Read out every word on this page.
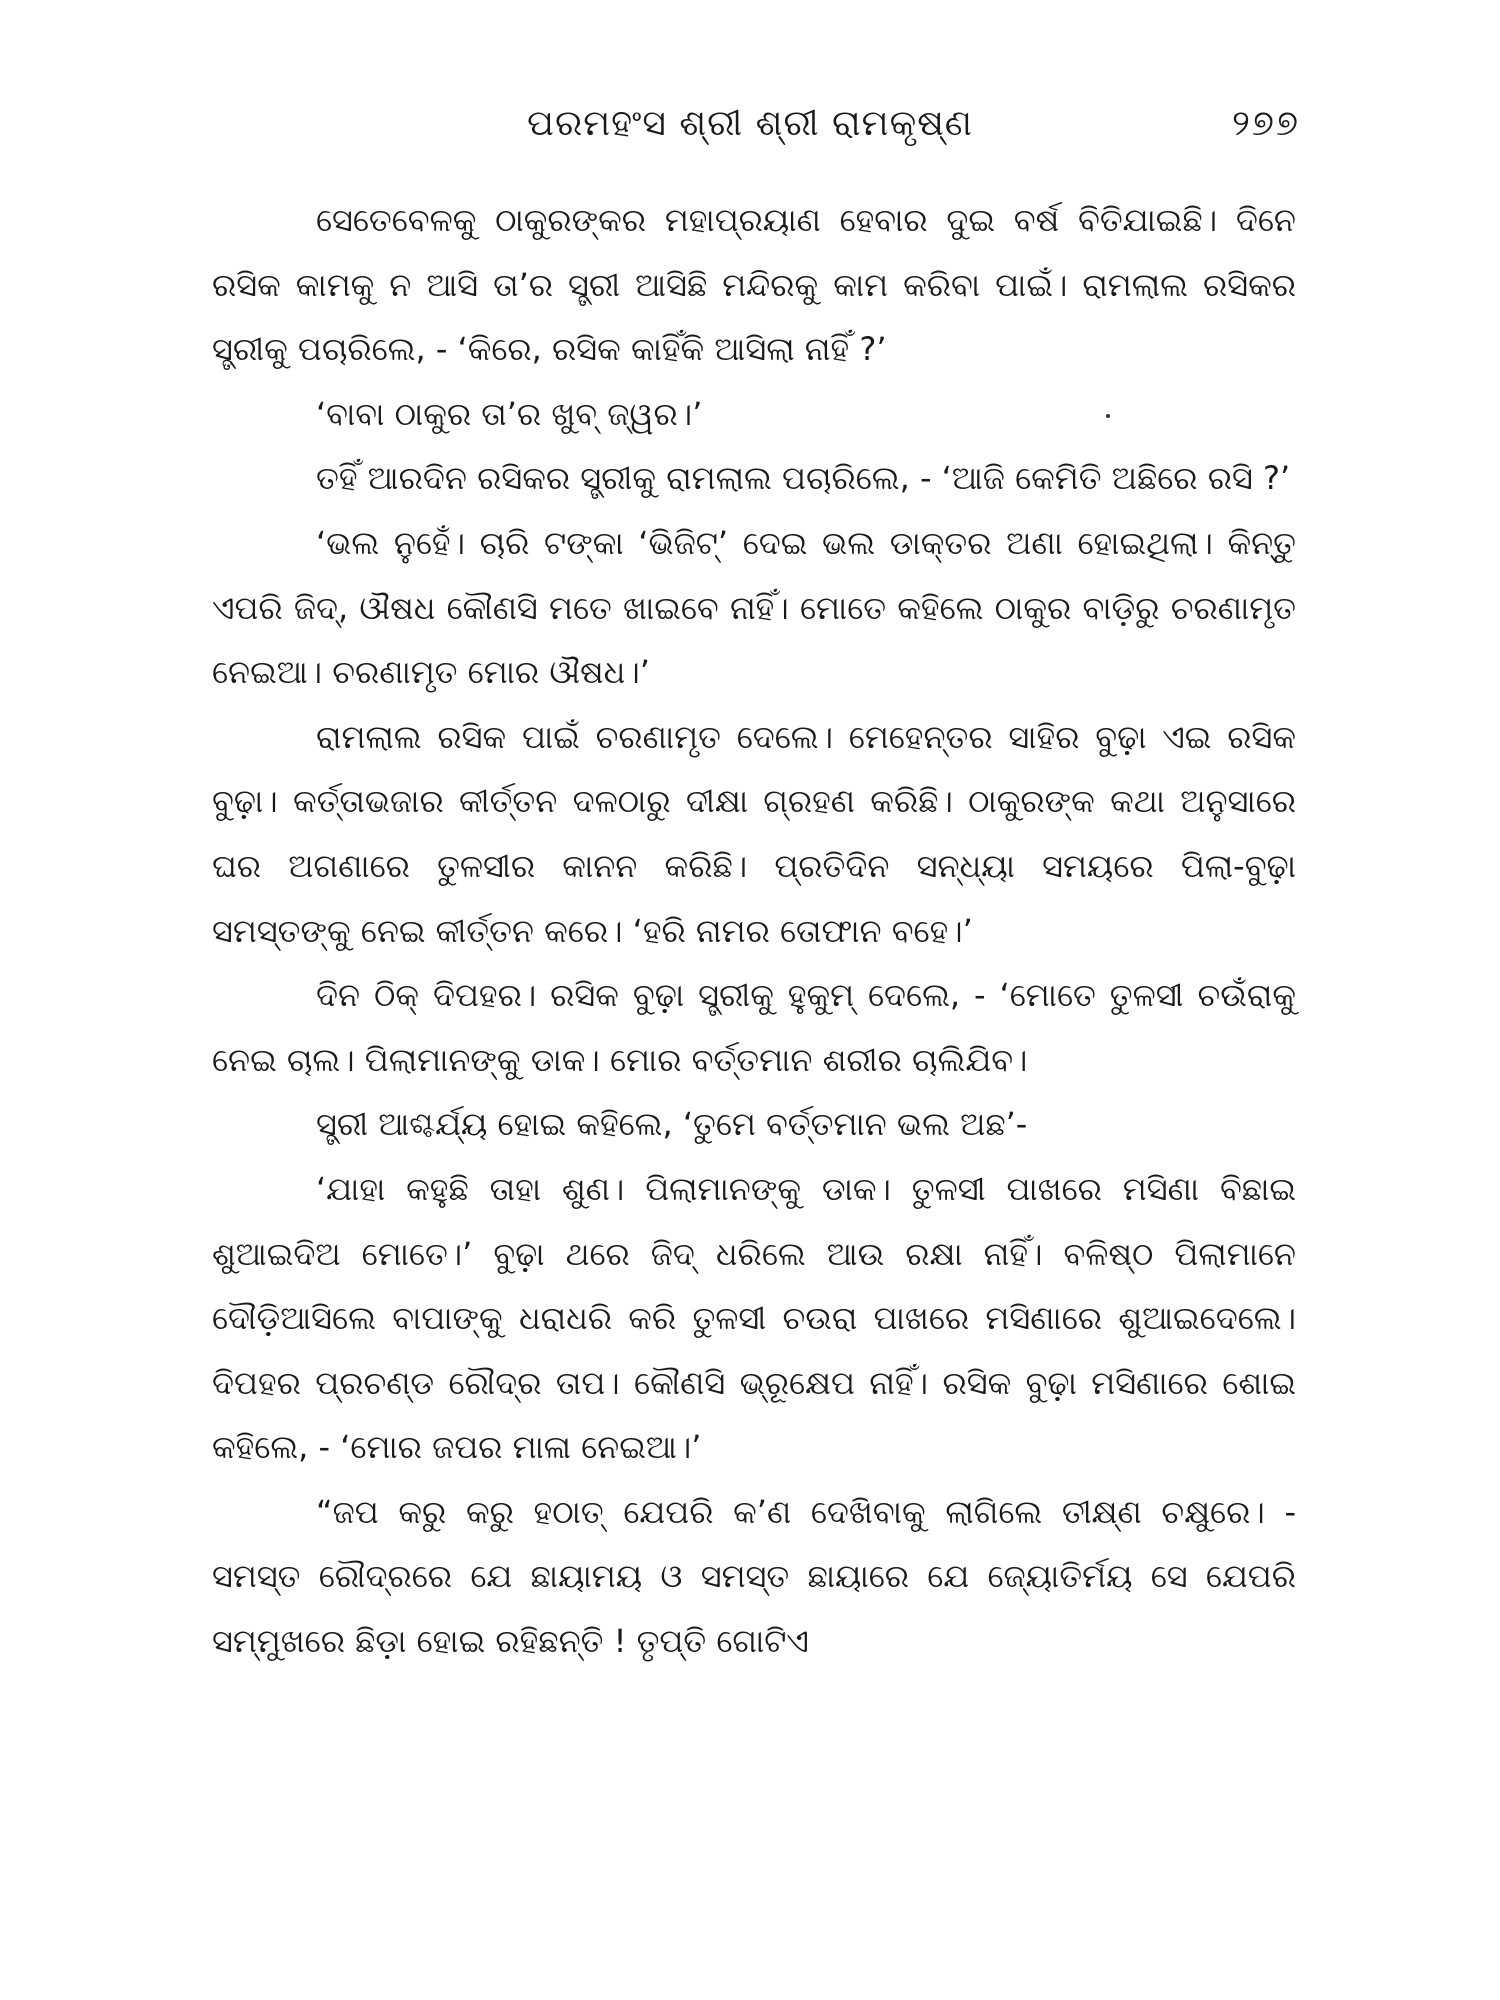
ପରମହଂସ ଶ୍ରୀ ଶ୍ରୀ ରାମକୃଷ୍ଣ	୨୭୭

ସେତେବେଳକୁ ଠାକୁରଙ୍କର ମହାପ୍ରୟାଣ ହେବାର ଦୁଇ ବର୍ଷ ବିତିଯାଇଛି। ଦିନେ ରସିକ କାମକୁ ନ ଆସି ତା’ର ସ୍ତ୍ରୀ ଆସିଛି ମନ୍ଦିରକୁ କାମ କରିବା ପାଇଁ। ରାମଲାଲ ରସିକର ସ୍ତ୍ରୀକୁ ପଚାରିଲେ, - ‘କିରେ, ରସିକ କାହିଁକି ଆସିଲା ନାହିଁ ?’

‘ବାବା ଠାକୁର ତା’ର ଖୁବ୍ ଜ୍ୱର।’

ତହିଁ ଆରଦିନ ରସିକର ସ୍ତ୍ରୀକୁ ରାମଲାଲ ପଚାରିଲେ, - ‘ଆଜି କେମିତି ଅଛିରେ ରସି ?’

‘ଭଲ ନୁହେଁ। ଚାରି ଟଙ୍କା ‘ଭିଜିଟ୍’ ଦେଇ ଭଲ ଡାକ୍ତର ଅଣା ହୋଇଥିଲା। କିନ୍ତୁ ଏପରି ଜିଦ୍, ଔଷଧ କୌଣସି ମତେ ଖାଇବେ ନାହିଁ। ମୋତେ କହିଲେ ଠାକୁର ବାଡ଼ିରୁ ଚରଣାମୃତ ନେଇଆ। ଚରଣାମୃତ ମୋର ଔଷଧ।’

ରାମଲାଲ ରସିକ ପାଇଁ ଚରଣାମୃତ ଦେଲେ। ମେହେନ୍ତର ସାହିର ବୁଢ଼ା ଏଇ ରସିକ ବୁଢ଼ା। କର୍ତ୍ତାଭଜାର କୀର୍ତ୍ତନ ଦଳଠାରୁ ଦୀକ୍ଷା ଗ୍ରହଣ କରିଛି। ଠାକୁରଙ୍କ କଥା ଅନୁସାରେ ଘର ଅଗଣାରେ ତୁଳସୀର କାନନ କରିଛି। ପ୍ରତିଦିନ ସନ୍ଧ୍ୟା ସମୟରେ ପିଲା-ବୁଢ଼ା ସମସ୍ତଙ୍କୁ ନେଇ କୀର୍ତ୍ତନ କରେ। ‘ହରି ନାମର ତୋଫାନ ବହେ।’

ଦିନ ଠିକ୍ ଦିପହର। ରସିକ ବୁଢ଼ା ସ୍ତ୍ରୀକୁ ହୁକୁମ୍ ଦେଲେ, - ‘ମୋତେ ତୁଳସୀ ଚଉଁରାକୁ ନେଇ ଚାଲ। ପିଲାମାନଙ୍କୁ ଡାକ। ମୋର ବର୍ତ୍ତମାନ ଶରୀର ଚାଲିଯିବ।

ସ୍ତ୍ରୀ ଆଶ୍ଚର୍ଯ୍ୟ ହୋଇ କହିଲେ, ‘ତୁମେ ବର୍ତ୍ତମାନ ଭଲ ଅଛ’-

‘ଯାହା କହୁଛି ତାହା ଶୁଣ। ପିଲାମାନଙ୍କୁ ଡାକ। ତୁଳସୀ ପାଖରେ ମସିଣା ବିଛାଇ ଶୁଆଇଦିଅ ମୋତେ।’ ବୁଢ଼ା ଥରେ ଜିଦ୍ ଧରିଲେ ଆଉ ରକ୍ଷା ନାହିଁ। ବଳିଷ୍ଠ ପିଲାମାନେ ଦୌଡ଼ିଆସିଲେ ବାପାଙ୍କୁ ଧରାଧରି କରି ତୁଳସୀ ଚଉରା ପାଖରେ ମସିଣାରେ ଶୁଆଇଦେଲେ। ଦିପହର ପ୍ରଚଣ୍ଡ ରୌଦ୍ର ତାପ। କୌଣସି ଭ୍ରୂକ୍ଷେପ ନାହିଁ। ରସିକ ବୁଢ଼ା ମସିଣାରେ ଶୋଇ କହିଲେ, - ‘ମୋର ଜପର ମାଳା ନେଇଆ।’

“ଜପ କରୁ କରୁ ହଠାତ୍ ଯେପରି କ’ଣ ଦେଖିବାକୁ ଲାଗିଲେ ତୀକ୍ଷ୍ଣ ଚକ୍ଷୁରେ। - ସମସ୍ତ ରୌଦ୍ରରେ ଯେ ଛାୟାମୟ ଓ ସମସ୍ତ ଛାୟାରେ ଯେ ଜ୍ୟୋତିର୍ମୟ ସେ ଯେପରି ସମ୍ମୁଖରେ ଛିଡ଼ା ହୋଇ ରହିଛନ୍ତି ! ତୃପ୍ତି ଗୋଟିଏ
